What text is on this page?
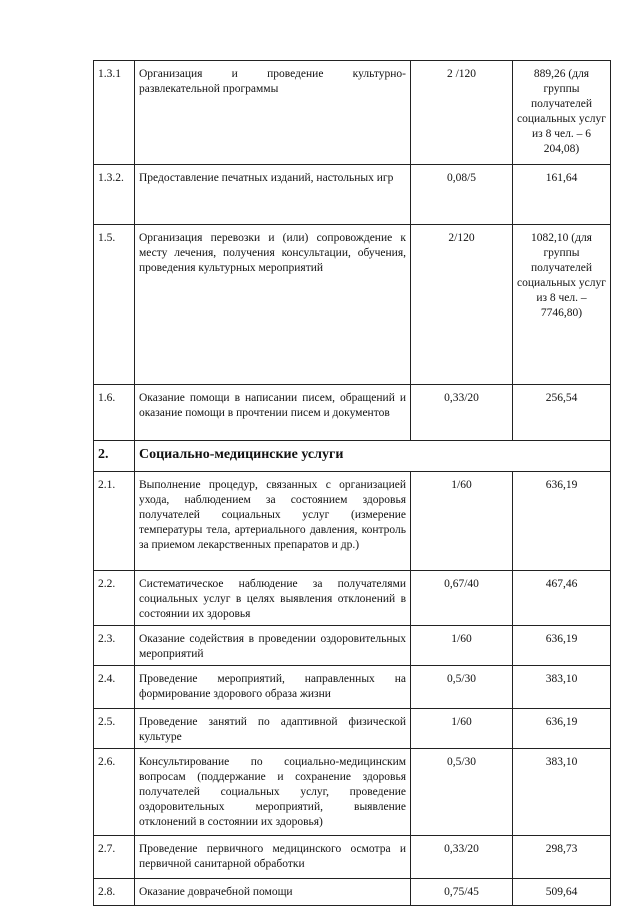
1.3.1	Организация и проведение культурно-развлекательной программы	2 /120	889,26 (для группы получателей социальных услуг из 8 чел. – 6 204,08)
1.3.2.	Предоставление печатных изданий, настольных игр	0,08/5	161,64
1.5.	Организация перевозки и (или) сопровождение к месту лечения, получения консультации, обучения, проведения культурных мероприятий	2/120	1082,10 (для группы получателей социальных услуг из 8 чел. – 7746,80)
1.6.	Оказание помощи в написании писем, обращений и оказание помощи в прочтении писем и документов	0,33/20	256,54
2.	Социально-медицинские услуги		
2.1.	Выполнение процедур, связанных с организацией ухода, наблюдением за состоянием здоровья получателей социальных услуг (измерение температуры тела, артериального давления, контроль за приемом лекарственных препаратов и др.)	1/60	636,19
2.2.	Систематическое наблюдение за получателями социальных услуг в целях выявления отклонений в состоянии их здоровья	0,67/40	467,46
2.3.	Оказание содействия в проведении оздоровительных мероприятий	1/60	636,19
2.4.	Проведение мероприятий, направленных на формирование здорового образа жизни	0,5/30	383,10
2.5.	Проведение занятий по адаптивной физической культуре	1/60	636,19
2.6.	Консультирование по социально-медицинским вопросам (поддержание и сохранение здоровья получателей социальных услуг, проведение оздоровительных мероприятий, выявление отклонений в состоянии их здоровья)	0,5/30	383,10
2.7.	Проведение первичного медицинского осмотра и первичной санитарной обработки	0,33/20	298,73
2.8.	Оказание доврачебной помощи	0,75/45	509,64
